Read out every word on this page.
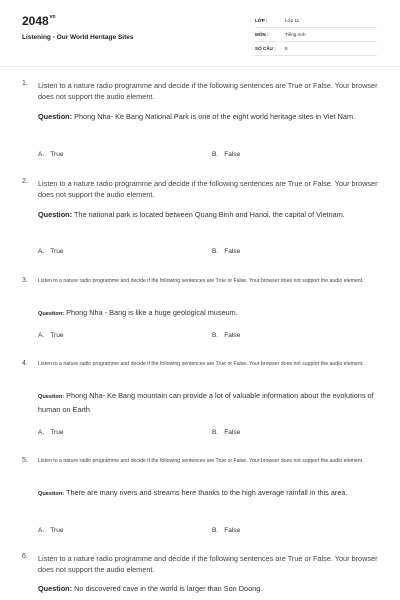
$2048^{vn}$
Listening - Our World Heritage Sites
LỚP :	Lớp 11
MÔN :	Tiếng Anh
SỐ CÂU : 8
1. Listen to a nature radio programme and decide if the following sentences are True or False. Your browser does not support the audio element.
Question: Phong Nha- Ke Bang National Park is one of the eight world heritage sites in Viet Nam.
A. True	B. False
2. Listen to a nature radio programme and decide if the following sentences are True or False. Your browser does not support the audio element.
Question: The national park is located between Quang Binh and Hanoi, the capital of Vietnam.
A. True	B. False
3. Listen to a nature radio programme and decide if the following sentences are True or False. Your browser does not support the audio element.
Question: Phong Nha - Bang is like a huge geological museum.
A. True	B. False
4. Listen to a nature radio programme and decide if the following sentences are True or False. Your browser does not support the audio element.
Question: Phong Nha- Ke Bang mountain can provide a lot of valuable information about the evolutions of human on Earth
A. True	B. False
5. Listen to a nature radio programme and decide if the following sentences are True or False. Your browser does not support the audio element.
Question: There are many rivers and streams here thanks to the high average rainfall in this area.
A. True	B. False
6. Listen to a nature radio programme and decide if the following sentences are True or False. Your browser does not support the audio element.
Question: No discovered cave in the world is larger than Son Doong.
